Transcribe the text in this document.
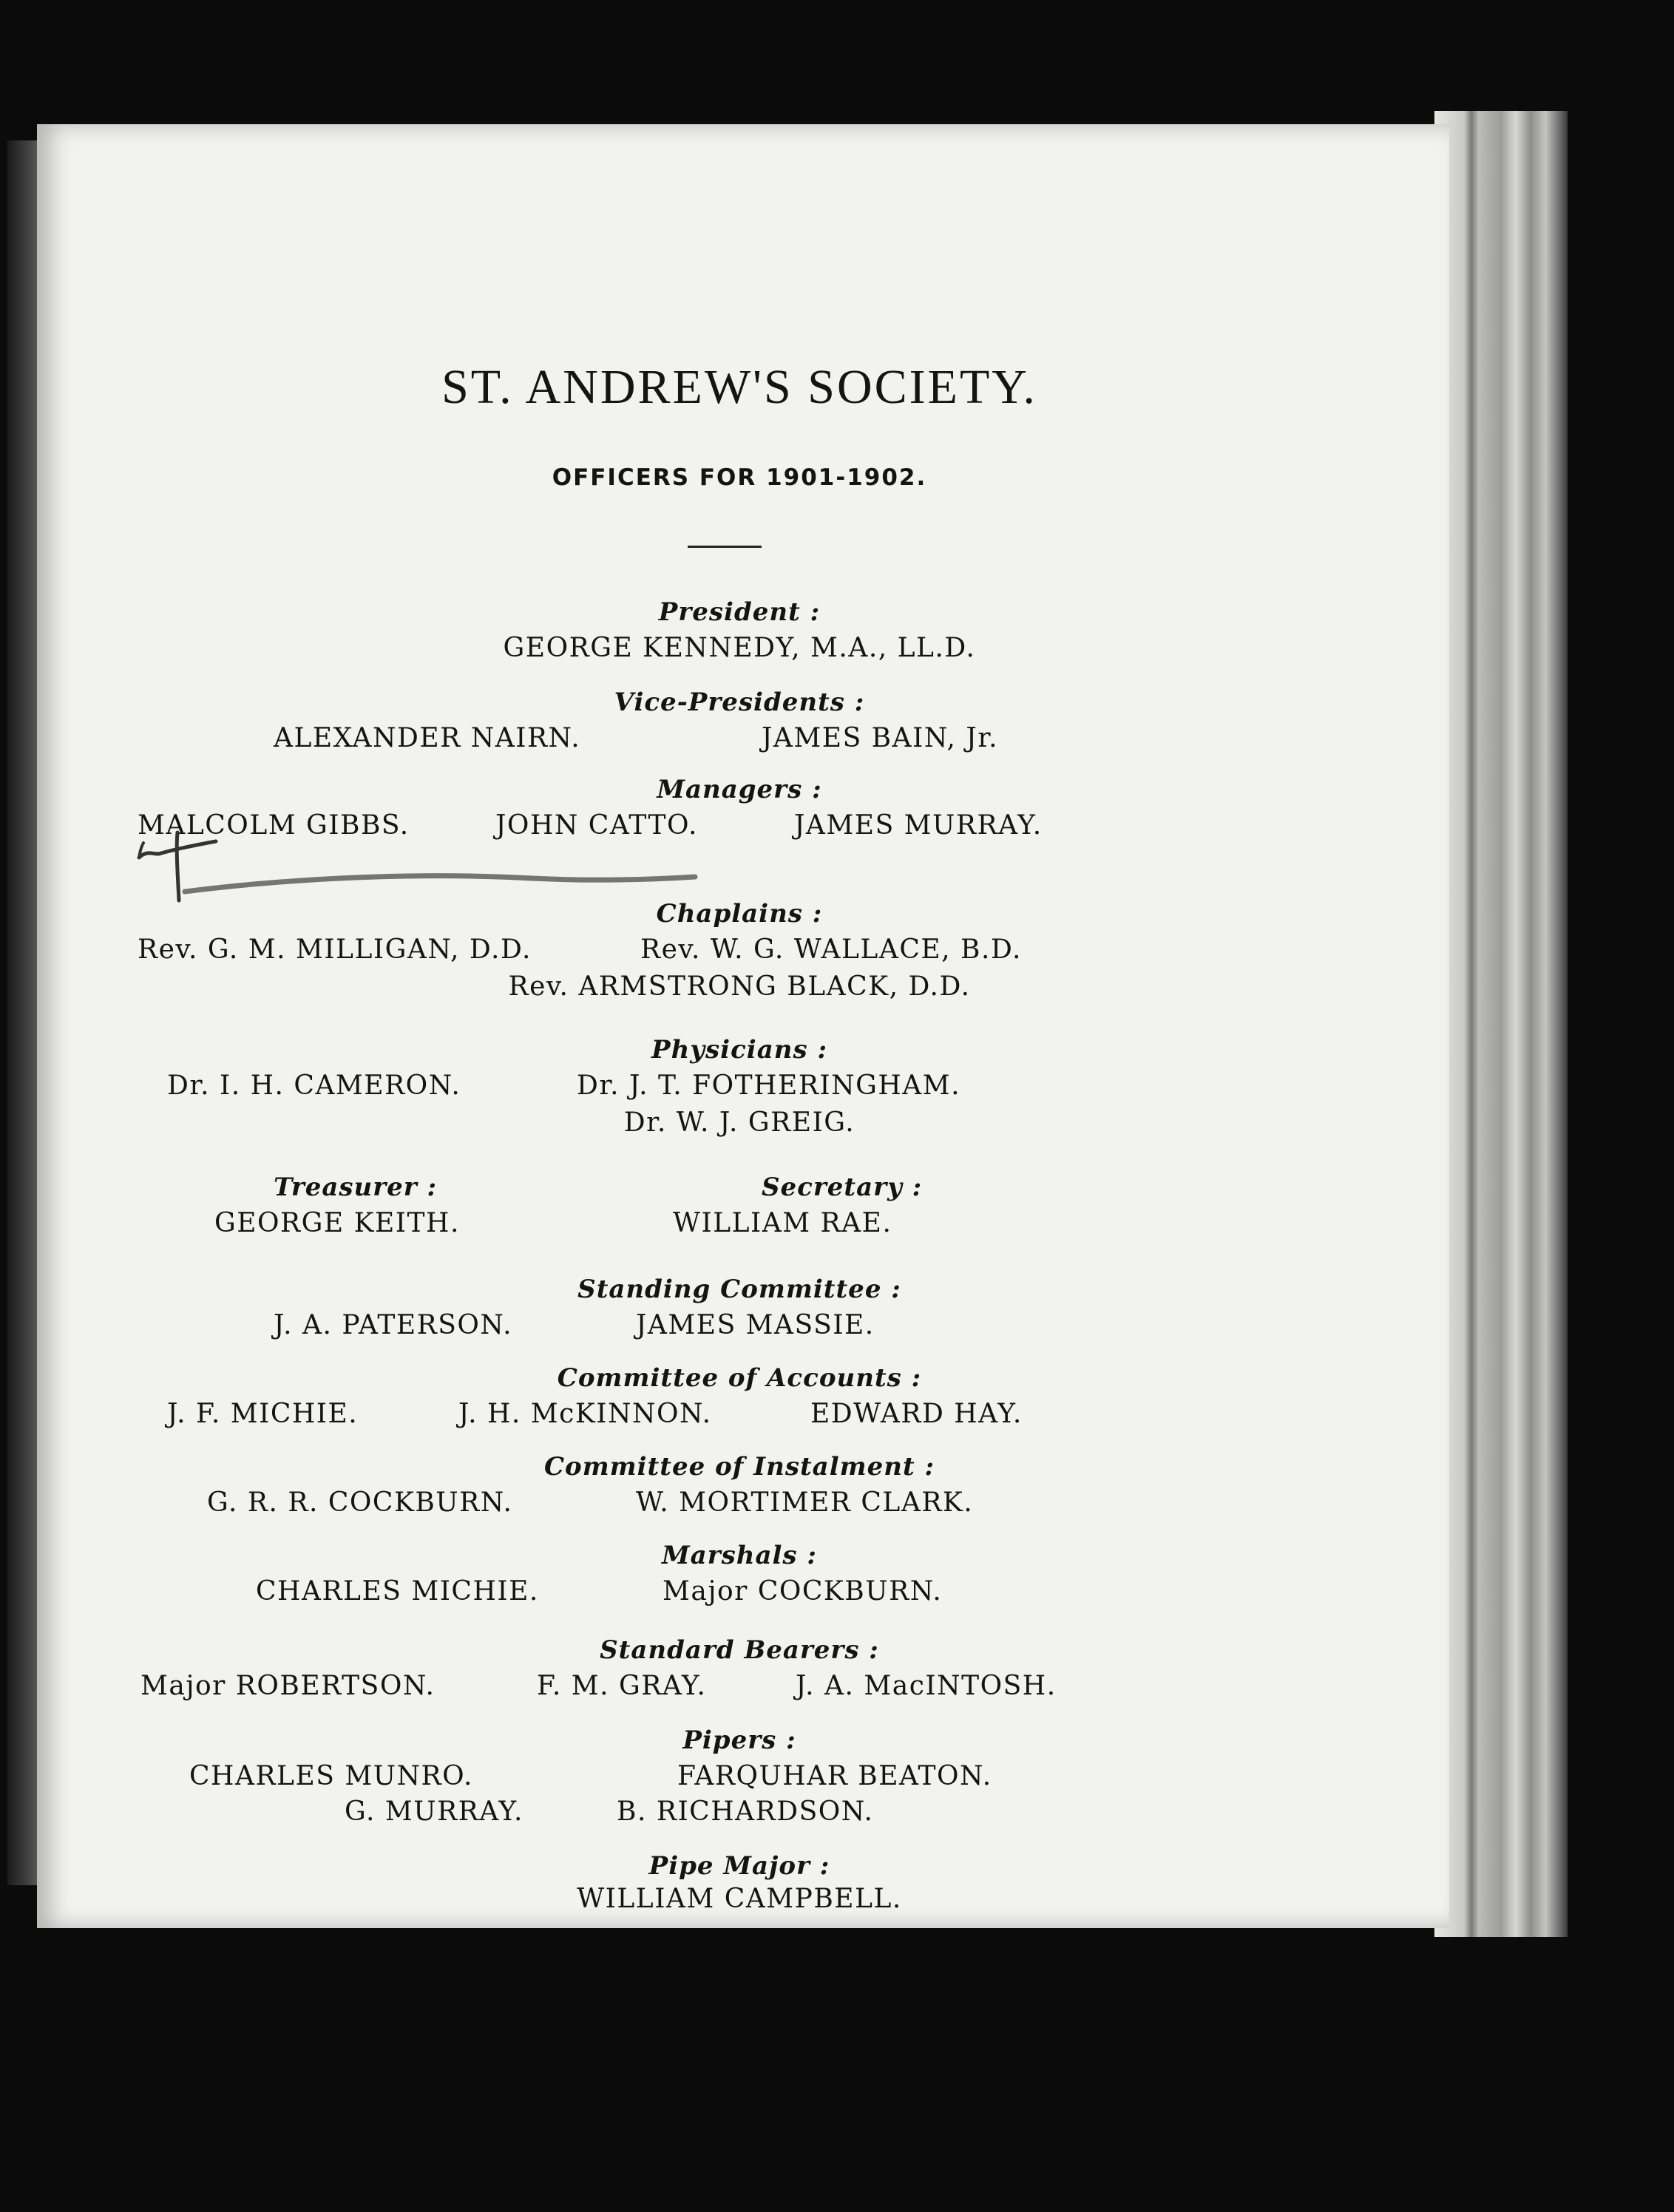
ST. ANDREW'S SOCIETY.
OFFICERS FOR 1901-1902.
President :
GEORGE KENNEDY, M.A., LL.D.
Vice-Presidents :
ALEXANDER NAIRN.	JAMES BAIN, Jr.
Managers :
MALCOLM GIBBS.	JOHN CATTO.	JAMES MURRAY.
Chaplains :
Rev. G. M. MILLIGAN, D.D.	Rev. W. G. WALLACE, B.D.
Rev. ARMSTRONG BLACK, D.D.
Physicians :
Dr. I. H. CAMERON.	Dr. J. T. FOTHERINGHAM.
Dr. W. J. GREIG.
Treasurer :	Secretary :
GEORGE KEITH.	WILLIAM RAE.
Standing Committee :
J. A. PATERSON.	JAMES MASSIE.
Committee of Accounts :
J. F. MICHIE.	J. H. McKINNON.	EDWARD HAY.
Committee of Instalment :
G. R. R. COCKBURN.	W. MORTIMER CLARK.
Marshals :
CHARLES MICHIE.	Major COCKBURN.
Standard Bearers :
Major ROBERTSON.	F. M. GRAY.	J. A. MacINTOSH.
Pipers :
CHARLES MUNRO.	FARQUHAR BEATON.
G. MURRAY.	B. RICHARDSON.
Pipe Major :
WILLIAM CAMPBELL.
